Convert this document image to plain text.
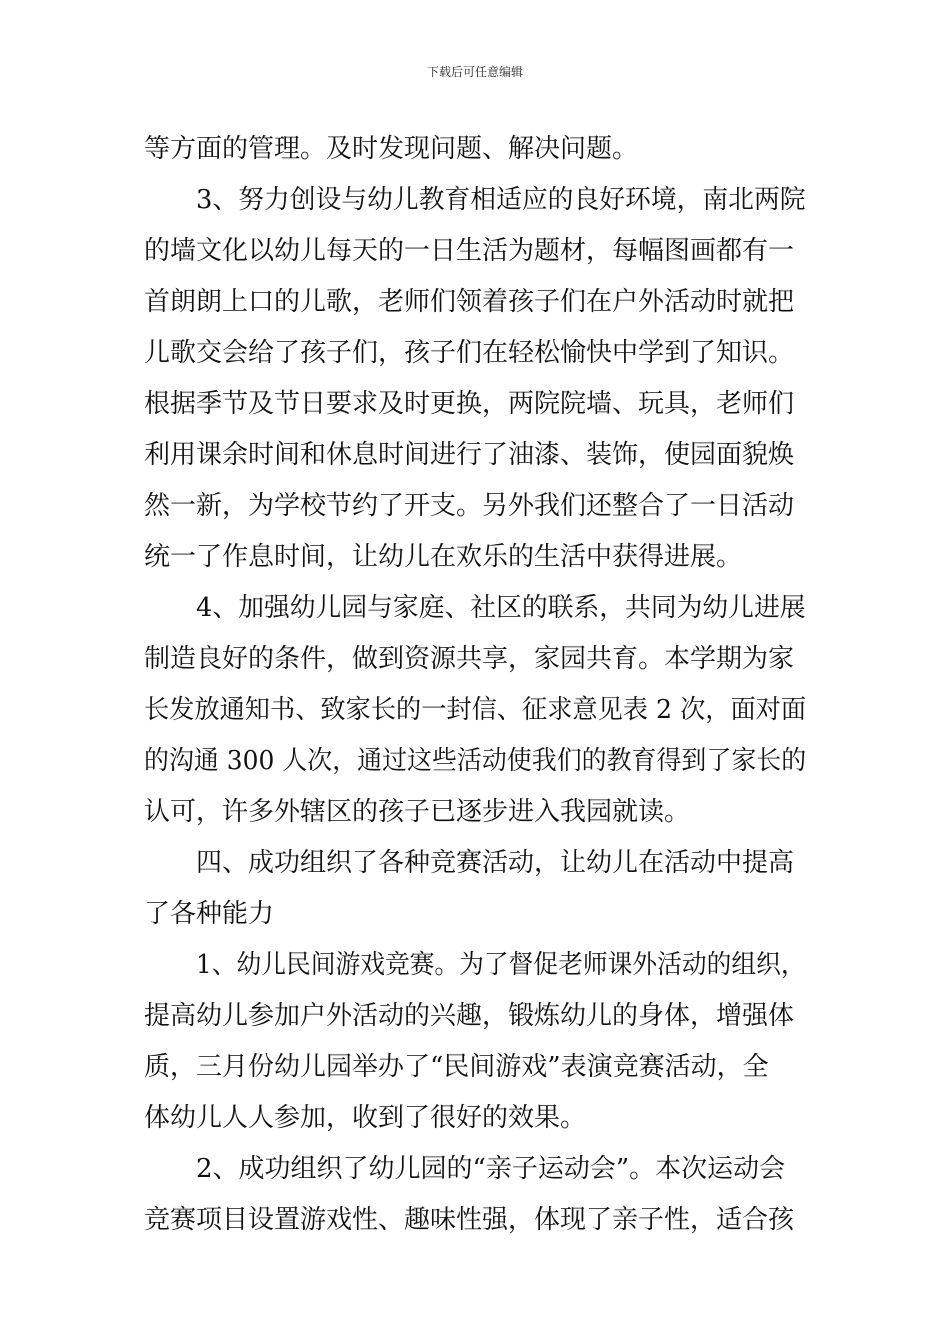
下载后可任意编辑
等方面的管理。及时发现问题、解决问题。
3、努力创设与幼儿教育相适应的良好环境，南北两院
的墙文化以幼儿每天的一日生活为题材，每幅图画都有一
首朗朗上口的儿歌，老师们领着孩子们在户外活动时就把
儿歌交会给了孩子们，孩子们在轻松愉快中学到了知识。
根据季节及节日要求及时更换，两院院墙、玩具，老师们
利用课余时间和休息时间进行了油漆、装饰，使园面貌焕
然一新，为学校节约了开支。另外我们还整合了一日活动
统一了作息时间，让幼儿在欢乐的生活中获得进展。
4、加强幼儿园与家庭、社区的联系，共同为幼儿进展
制造良好的条件，做到资源共享，家园共育。本学期为家
长发放通知书、致家长的一封信、征求意见表 2 次，面对面
的沟通 300 人次，通过这些活动使我们的教育得到了家长的
认可，许多外辖区的孩子已逐步进入我园就读。
四、成功组织了各种竞赛活动，让幼儿在活动中提高
了各种能力
1、幼儿民间游戏竞赛。为了督促老师课外活动的组织，
提高幼儿参加户外活动的兴趣，锻炼幼儿的身体，增强体
质，三月份幼儿园举办了“民间游戏”表演竞赛活动，全
体幼儿人人参加，收到了很好的效果。
2、成功组织了幼儿园的“亲子运动会”。本次运动会
竞赛项目设置游戏性、趣味性强，体现了亲子性，适合孩
